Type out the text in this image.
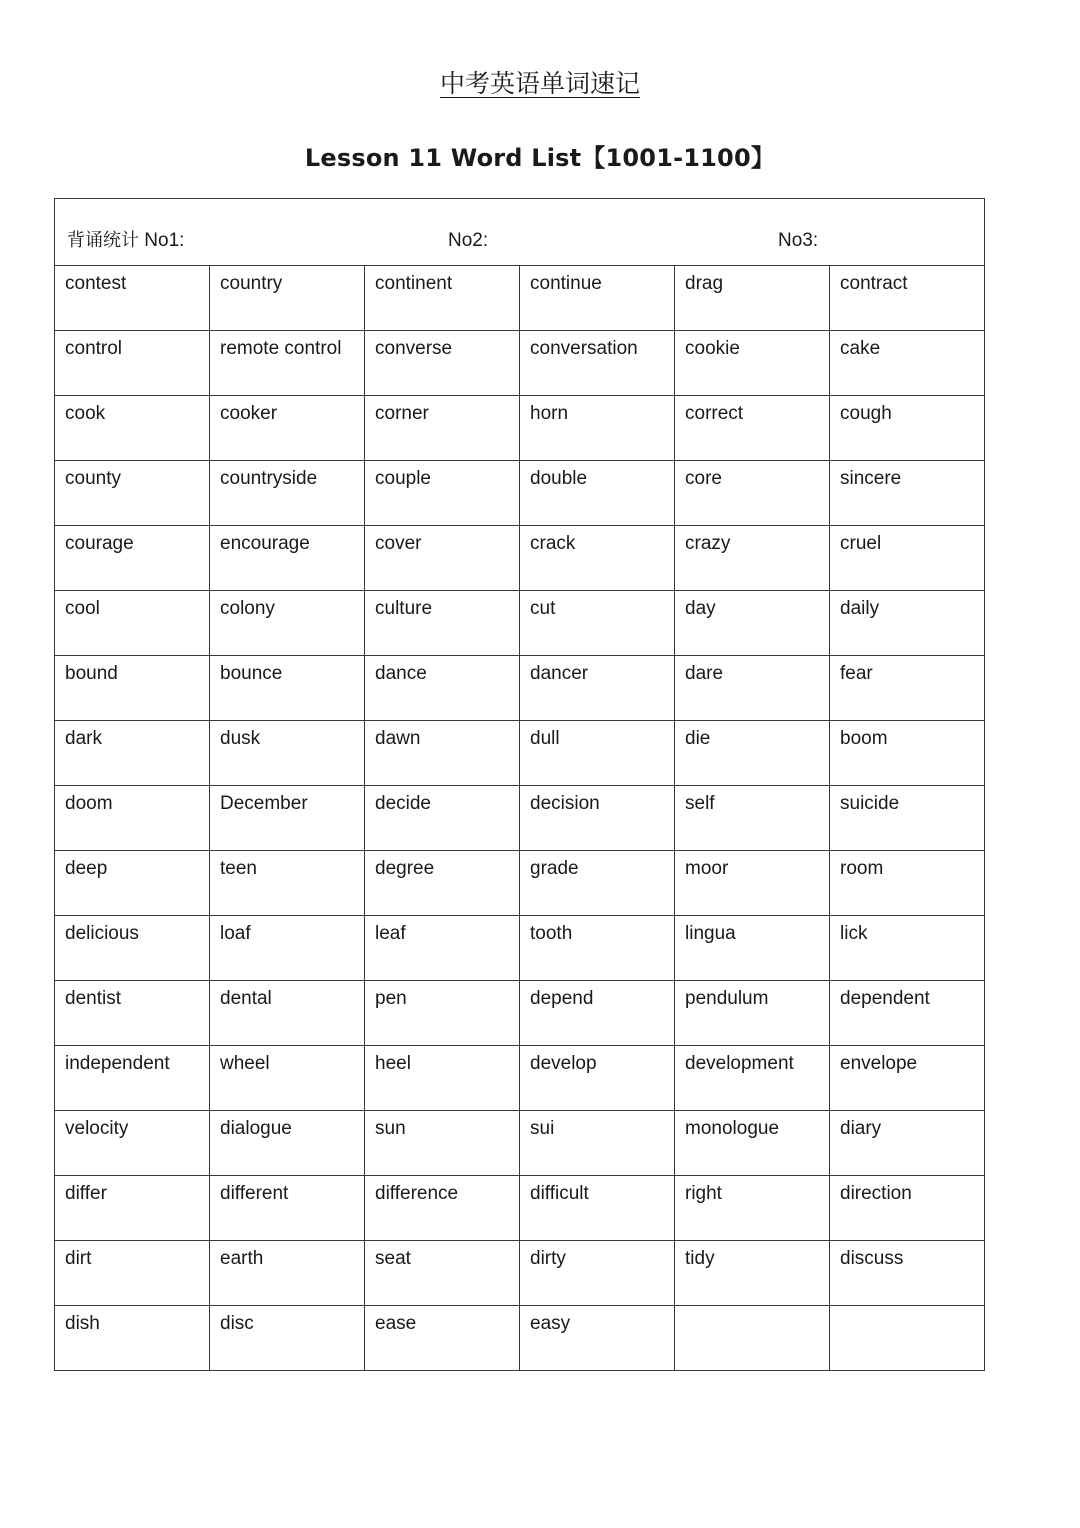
中考英语单词速记
Lesson 11 Word List【1001-1100】
背诵统计 No1: No2: No3:					

contest	country	continent	continue	drag	contract
control	remote control	converse	conversation	cookie	cake
cook	cooker	corner	horn	correct	cough
county	countryside	couple	double	core	sincere
courage	encourage	cover	crack	crazy	cruel
cool	colony	culture	cut	day	daily
bound	bounce	dance	dancer	dare	fear
dark	dusk	dawn	dull	die	boom
doom	December	decide	decision	self	suicide
deep	teen	degree	grade	moor	room
delicious	loaf	leaf	tooth	lingua	lick
dentist	dental	pen	depend	pendulum	dependent
independent	wheel	heel	develop	development	envelope
velocity	dialogue	sun	sui	monologue	diary
differ	different	difference	difficult	right	direction
dirt	earth	seat	dirty	tidy	discuss
dish	disc	ease	easy		
